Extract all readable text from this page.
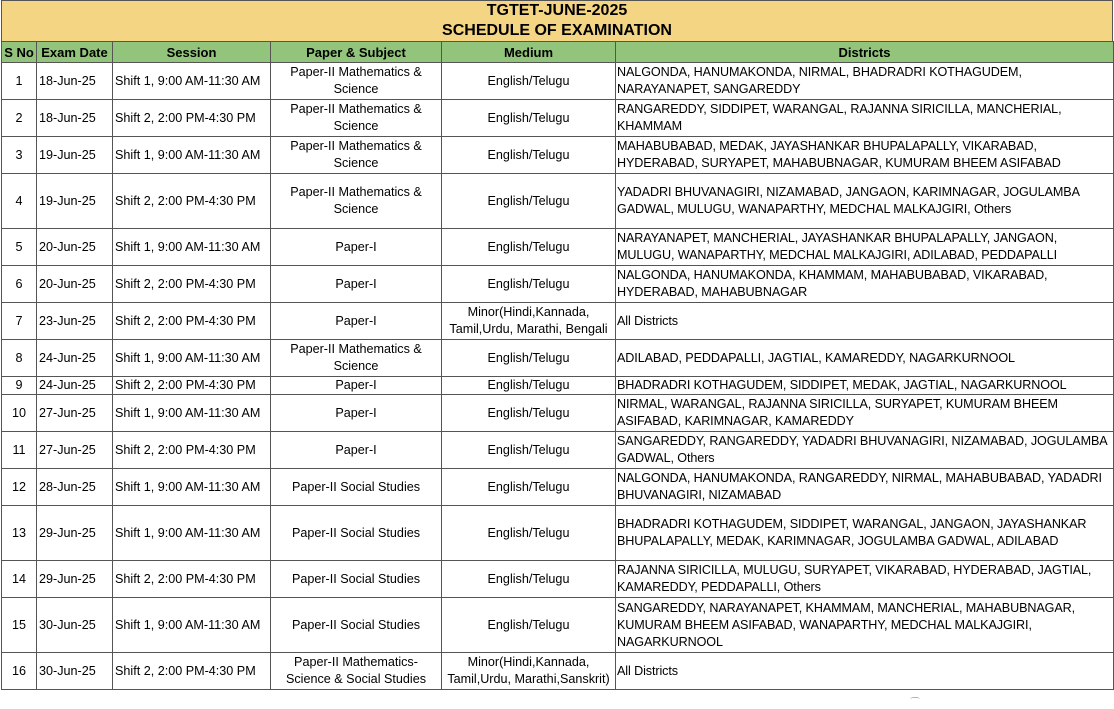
TGTET-JUNE-2025
SCHEDULE OF EXAMINATION
S No	Exam Date	Session	Paper & Subject	Medium	Districts
1	18-Jun-25	Shift 1, 9:00 AM-11:30 AM	Paper-II Mathematics & Science	English/Telugu	NALGONDA, HANUMAKONDA, NIRMAL, BHADRADRI KOTHAGUDEM, NARAYANAPET, SANGAREDDY
2	18-Jun-25	Shift 2, 2:00 PM-4:30 PM	Paper-II Mathematics & Science	English/Telugu	RANGAREDDY, SIDDIPET, WARANGAL, RAJANNA SIRICILLA, MANCHERIAL, KHAMMAM
3	19-Jun-25	Shift 1, 9:00 AM-11:30 AM	Paper-II Mathematics & Science	English/Telugu	MAHABUBABAD, MEDAK, JAYASHANKAR BHUPALAPALLY, VIKARABAD, HYDERABAD, SURYAPET, MAHABUBNAGAR, KUMURAM BHEEM ASIFABAD
4	19-Jun-25	Shift 2, 2:00 PM-4:30 PM	Paper-II Mathematics & Science	English/Telugu	YADADRI BHUVANAGIRI, NIZAMABAD, JANGAON, KARIMNAGAR, JOGULAMBA GADWAL, MULUGU, WANAPARTHY, MEDCHAL MALKAJGIRI, Others
5	20-Jun-25	Shift 1, 9:00 AM-11:30 AM	Paper-I	English/Telugu	NARAYANAPET, MANCHERIAL, JAYASHANKAR BHUPALAPALLY, JANGAON, MULUGU, WANAPARTHY, MEDCHAL MALKAJGIRI, ADILABAD, PEDDAPALLI
6	20-Jun-25	Shift 2, 2:00 PM-4:30 PM	Paper-I	English/Telugu	NALGONDA, HANUMAKONDA, KHAMMAM, MAHABUBABAD, VIKARABAD, HYDERABAD, MAHABUBNAGAR
7	23-Jun-25	Shift 2, 2:00 PM-4:30 PM	Paper-I	Minor(Hindi,Kannada, Tamil,Urdu, Marathi, Bengali	All Districts
8	24-Jun-25	Shift 1, 9:00 AM-11:30 AM	Paper-II Mathematics & Science	English/Telugu	ADILABAD, PEDDAPALLI, JAGTIAL, KAMAREDDY, NAGARKURNOOL
9	24-Jun-25	Shift 2, 2:00 PM-4:30 PM	Paper-I	English/Telugu	BHADRADRI KOTHAGUDEM, SIDDIPET, MEDAK, JAGTIAL, NAGARKURNOOL
10	27-Jun-25	Shift 1, 9:00 AM-11:30 AM	Paper-I	English/Telugu	NIRMAL, WARANGAL, RAJANNA SIRICILLA, SURYAPET, KUMURAM BHEEM ASIFABAD, KARIMNAGAR, KAMAREDDY
11	27-Jun-25	Shift 2, 2:00 PM-4:30 PM	Paper-I	English/Telugu	SANGAREDDY, RANGAREDDY, YADADRI BHUVANAGIRI, NIZAMABAD, JOGULAMBA GADWAL, Others
12	28-Jun-25	Shift 1, 9:00 AM-11:30 AM	Paper-II Social Studies	English/Telugu	NALGONDA, HANUMAKONDA, RANGAREDDY, NIRMAL, MAHABUBABAD, YADADRI BHUVANAGIRI, NIZAMABAD
13	29-Jun-25	Shift 1, 9:00 AM-11:30 AM	Paper-II Social Studies	English/Telugu	BHADRADRI KOTHAGUDEM, SIDDIPET, WARANGAL, JANGAON, JAYASHANKAR BHUPALAPALLY, MEDAK, KARIMNAGAR, JOGULAMBA GADWAL, ADILABAD
14	29-Jun-25	Shift 2, 2:00 PM-4:30 PM	Paper-II Social Studies	English/Telugu	RAJANNA SIRICILLA, MULUGU, SURYAPET, VIKARABAD, HYDERABAD, JAGTIAL, KAMAREDDY, PEDDAPALLI, Others
15	30-Jun-25	Shift 1, 9:00 AM-11:30 AM	Paper-II Social Studies	English/Telugu	SANGAREDDY, NARAYANAPET, KHAMMAM, MANCHERIAL, MAHABUBNAGAR, KUMURAM BHEEM ASIFABAD, WANAPARTHY, MEDCHAL MALKAJGIRI, NAGARKURNOOL
16	30-Jun-25	Shift 2, 2:00 PM-4:30 PM	Paper-II Mathematics-Science & Social Studies	Minor(Hindi,Kannada, Tamil,Urdu, Marathi,Sanskrit)	All Districts
⌒
